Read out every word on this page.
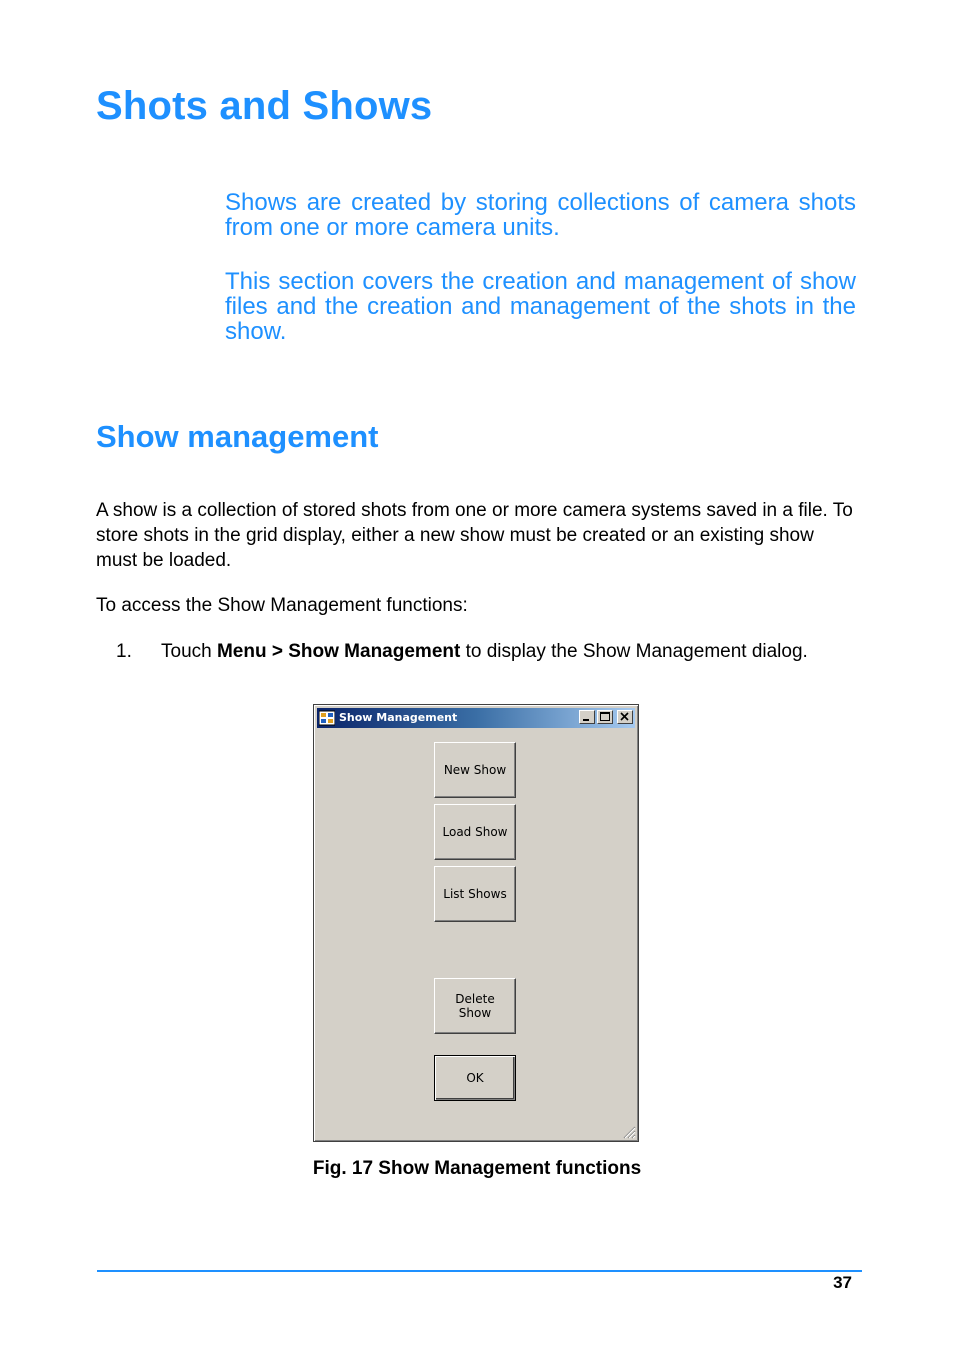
Shots and Shows

Shows are created by storing collections of camera shots from one or more camera units.

This section covers the creation and management of show files and the creation and management of the shots in the show.

Show management

A show is a collection of stored shots from one or more camera systems saved in a file. To store shots in the grid display, either a new show must be created or an existing show must be loaded.

To access the Show Management functions:

1. Touch Menu > Show Management to display the Show Management dialog.
Show Management
New Show
Load Show
List Shows
Delete
Show
OK
Fig. 17 Show Management functions
37
